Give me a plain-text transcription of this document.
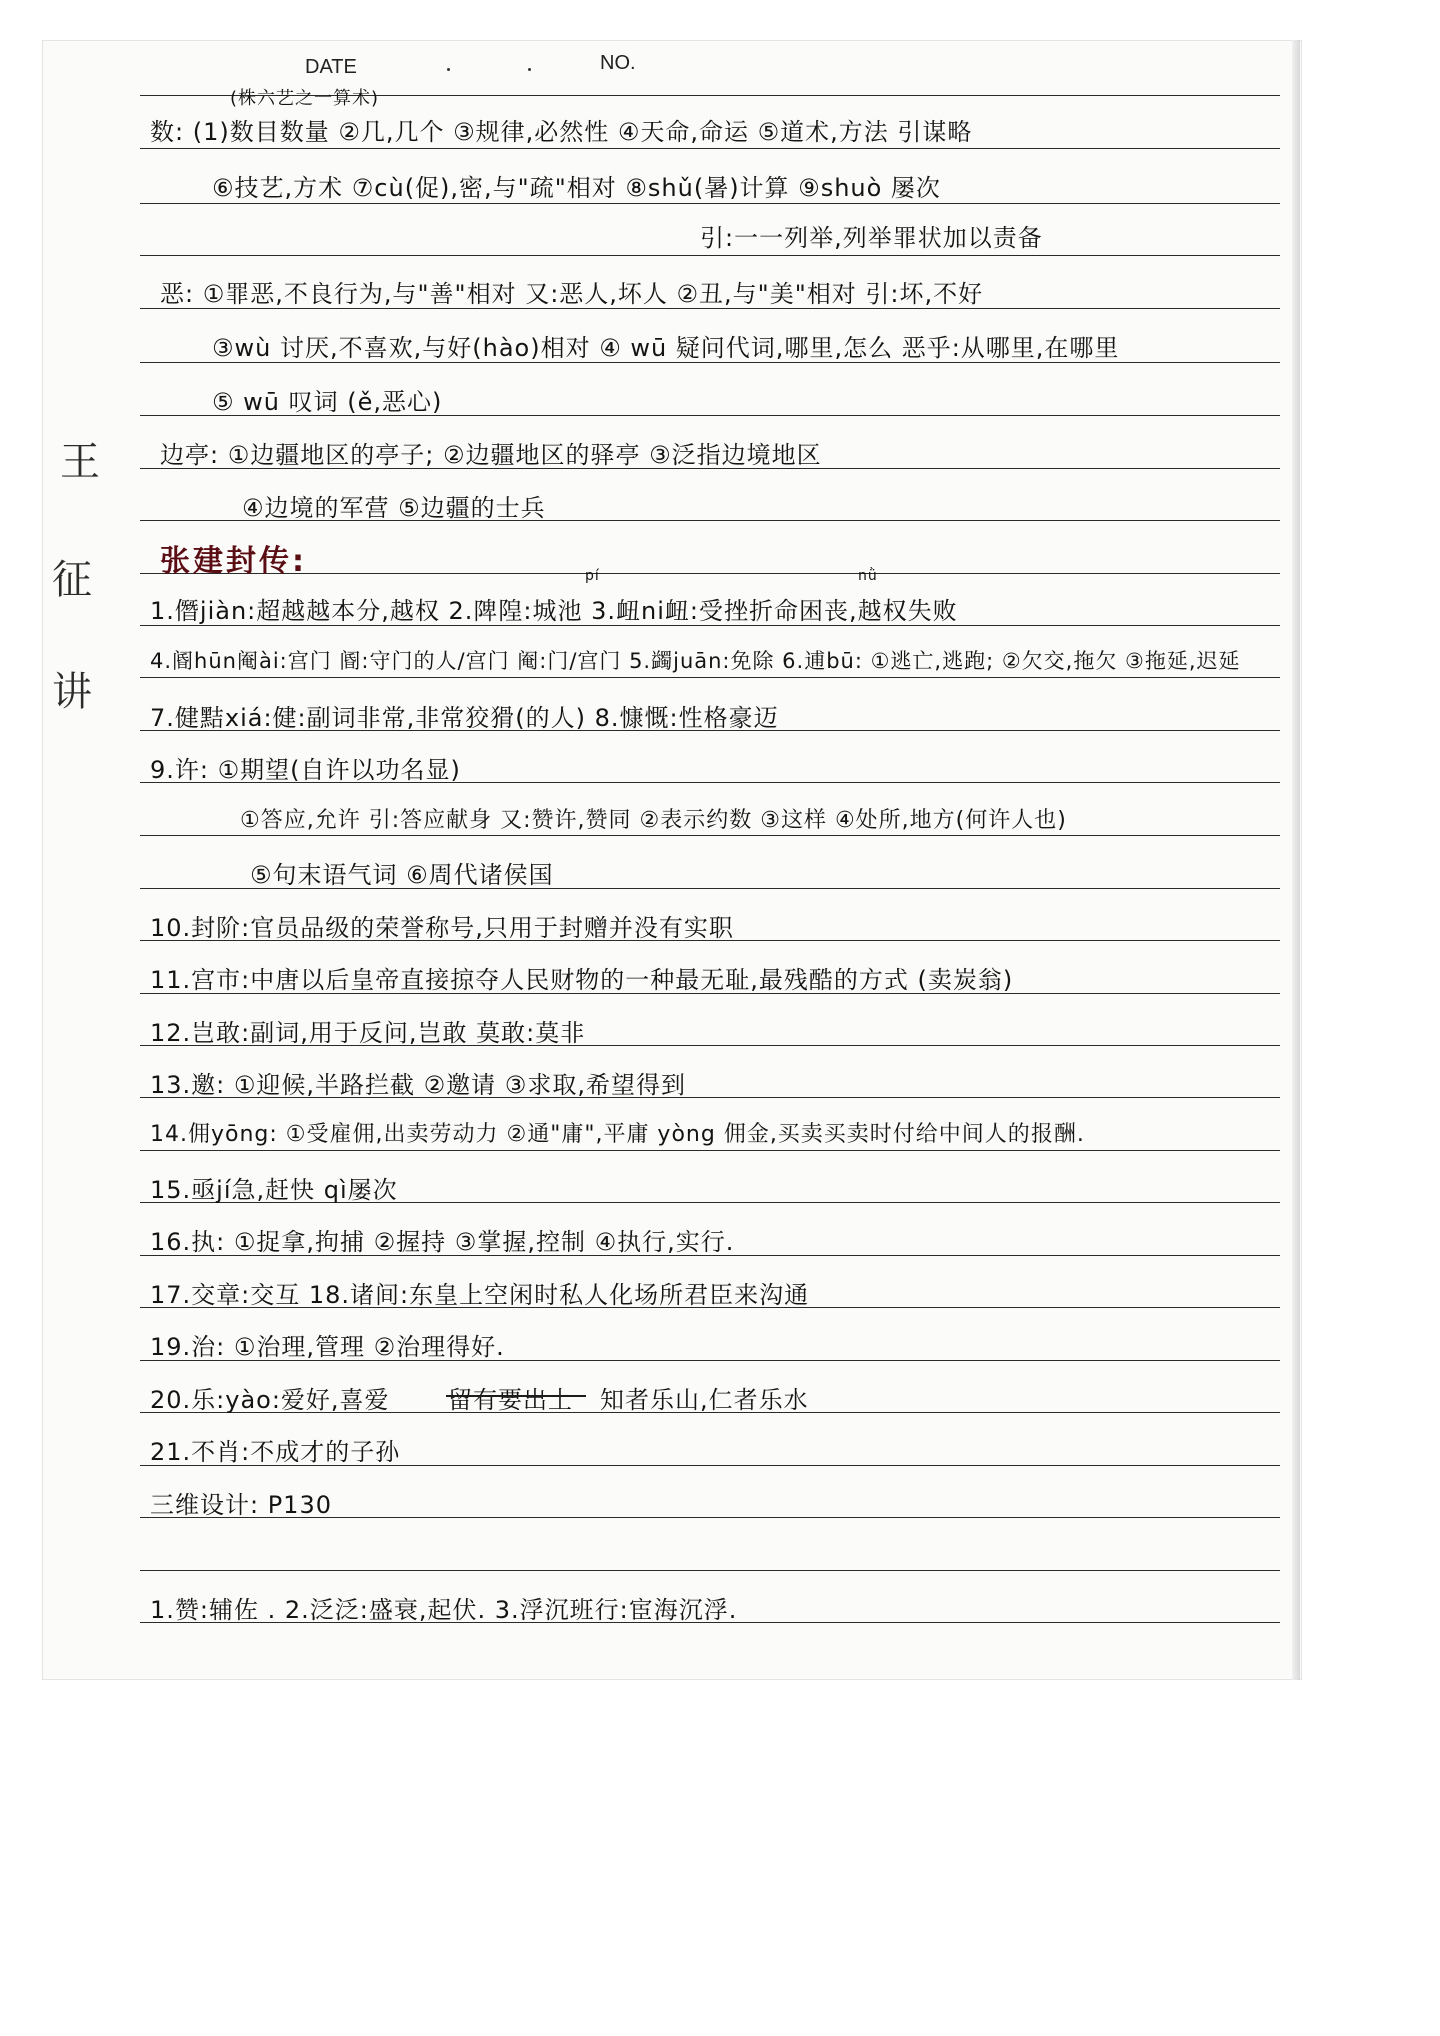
DATE	NO.
王
征
讲
(株六艺之一算术)
数: (1)数目数量 ②几,几个 ③规律,必然性 ④天命,命运 ⑤道术,方法 引谋略
⑥技艺,方术 ⑦cù(促),密,与"疏"相对 ⑧shǔ(暑)计算 ⑨shuò 屡次
引:一一列举,列举罪状加以责备
恶: ①罪恶,不良行为,与"善"相对 又:恶人,坏人 ②丑,与"美"相对 引:坏,不好
③wù 讨厌,不喜欢,与好(hào)相对 ④ wū 疑问代词,哪里,怎么 恶乎:从哪里,在哪里
⑤ wū 叹词 (ě,恶心)
边亭: ①边疆地区的亭子; ②边疆地区的驿亭 ③泛指边境地区
④边境的军营 ⑤边疆的士兵
张建封传:	pí	nǜ
1.僭jiàn:超越越本分,越权 2.陴隍:城池 3.衄ni衄:受挫折命困丧,越权失败
4.阍hūn阉ài:宫门 阍:守门的人/宫门 阉:门/宫门 5.蠲juān:免除 6.逋bū: ①逃亡,逃跑; ②欠交,拖欠 ③拖延,迟延
7.健黠xiá:健:副词非常,非常狡猾(的人) 8.慷慨:性格豪迈
9.许: ①期望(自许以功名显)
①答应,允许 引:答应献身 又:赞许,赞同 ②表示约数 ③这样 ④处所,地方(何许人也)
⑤句末语气词 ⑥周代诸侯国
10.封阶:官员品级的荣誉称号,只用于封赠并没有实职
11.宫市:中唐以后皇帝直接掠夺人民财物的一种最无耻,最残酷的方式 (卖炭翁)
12.岂敢:副词,用于反问,岂敢 莫敢:莫非
13.邀: ①迎候,半路拦截 ②邀请 ③求取,希望得到
14.佣yōng: ①受雇佣,出卖劳动力 ②通"庸",平庸 yòng 佣金,买卖买卖时付给中间人的报酬.
15.亟jí急,赶快 qì屡次
16.执: ①捉拿,拘捕 ②握持 ③掌握,控制 ④执行,实行.
17.交章:交互 18.诸间:东皇上空闲时私人化场所君臣来沟通
19.治: ①治理,管理 ②治理得好.
20.乐:yào:爱好,喜爱 留有要出土 知者乐山,仁者乐水
21.不肖:不成才的子孙
三维设计: P130
1.赞:辅佐 . 2.泛泛:盛衰,起伏. 3.浮沉班行:宦海沉浮.
